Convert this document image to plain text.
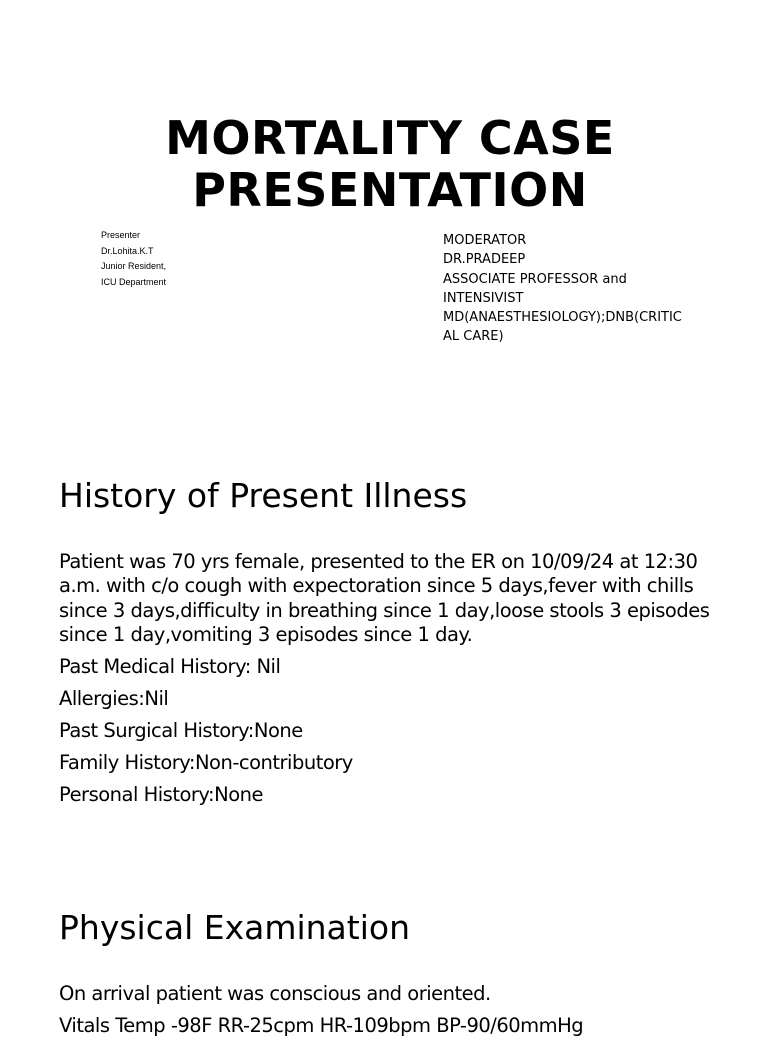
MORTALITY CASE
PRESENTATION
Presenter
Dr.Lohita.K.T
Junior Resident,
ICU Department
MODERATOR
DR.PRADEEP
ASSOCIATE PROFESSOR and
INTENSIVIST
MD(ANAESTHESIOLOGY);DNB(CRITIC
AL CARE)
History of Present Illness
Patient was 70 yrs female, presented to the ER on 10/09/24 at 12:30
a.m. with c/o cough with expectoration since 5 days,fever with chills
since 3 days,difficulty in breathing since 1 day,loose stools 3 episodes
since 1 day,vomiting 3 episodes since 1 day.
Past Medical History: Nil
Allergies:Nil
Past Surgical History:None
Family History:Non-contributory
Personal History:None
Physical Examination
On arrival patient was conscious and oriented.
Vitals Temp -98F RR-25cpm HR-109bpm BP-90/60mmHg
